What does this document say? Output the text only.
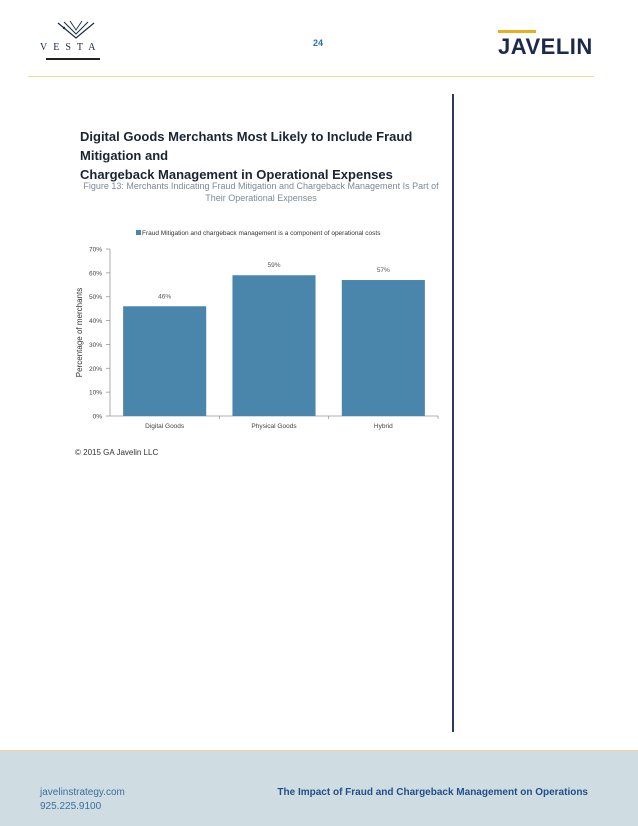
VESTA	24	JAVELIN
Digital Goods Merchants Most Likely to Include Fraud Mitigation and
Chargeback Management in Operational Expenses
Figure 13: Merchants Indicating Fraud Mitigation and Chargeback Management Is Part of
Their Operational Expenses
Fraud Mitigation and chargeback management is a component of operational costs
0%
10%
20%
30%
40%
50%
60%
70%
Percentage of merchants	46%
Digital Goods
59%
Physical Goods
57%
Hybrid
© 2015 GA Javelin LLC
javelinstrategy.com
925.225.9100
The Impact of Fraud and Chargeback Management on Operations
